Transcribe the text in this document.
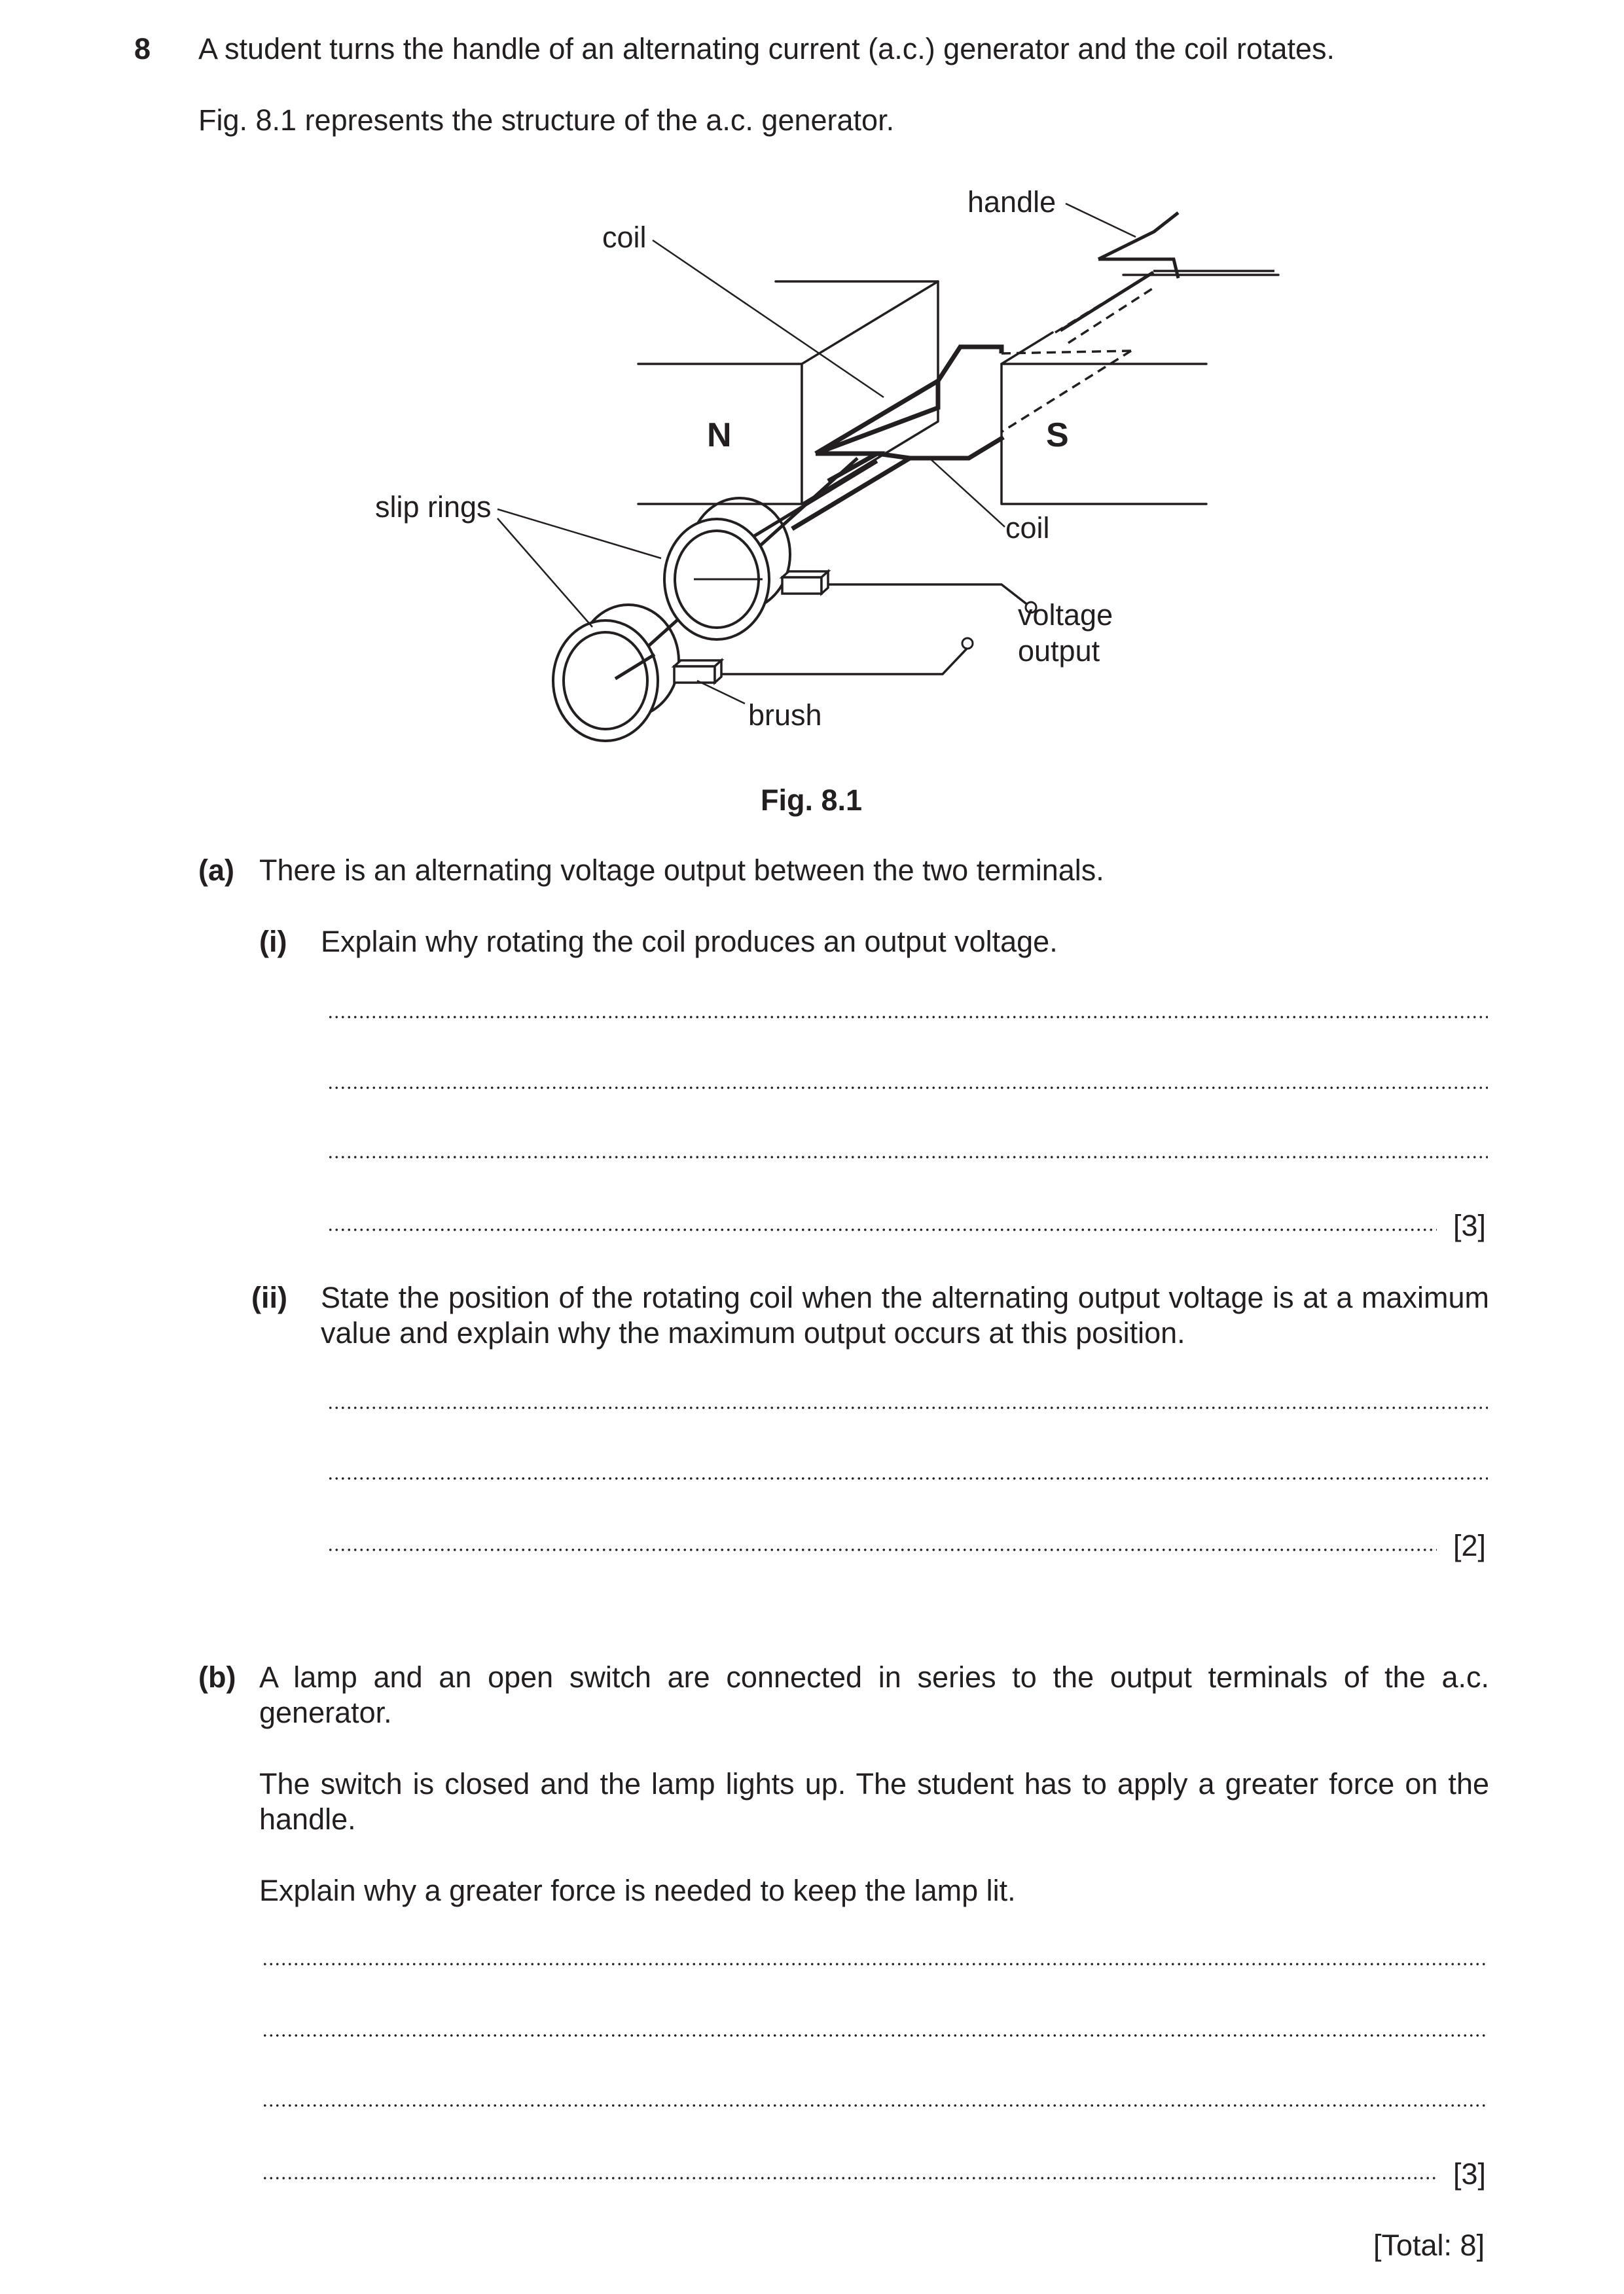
8 A student turns the handle of an alternating current (a.c.) generator and the coil rotates.
Fig. 8.1 represents the structure of the a.c. generator.
handle
coil
N	S
coil
slip rings
voltage
output
brush
Fig. 8.1
(a) There is an alternating voltage output between the two terminals.
(i) Explain why rotating the coil produces an output voltage.
[3]
(ii) State the position of the rotating coil when the alternating output voltage is at a maximum value and explain why the maximum output occurs at this position.
[2]
(b) A lamp and an open switch are connected in series to the output terminals of the a.c. generator.
The switch is closed and the lamp lights up. The student has to apply a greater force on the handle.
Explain why a greater force is needed to keep the lamp lit.
[3]
[Total: 8]
